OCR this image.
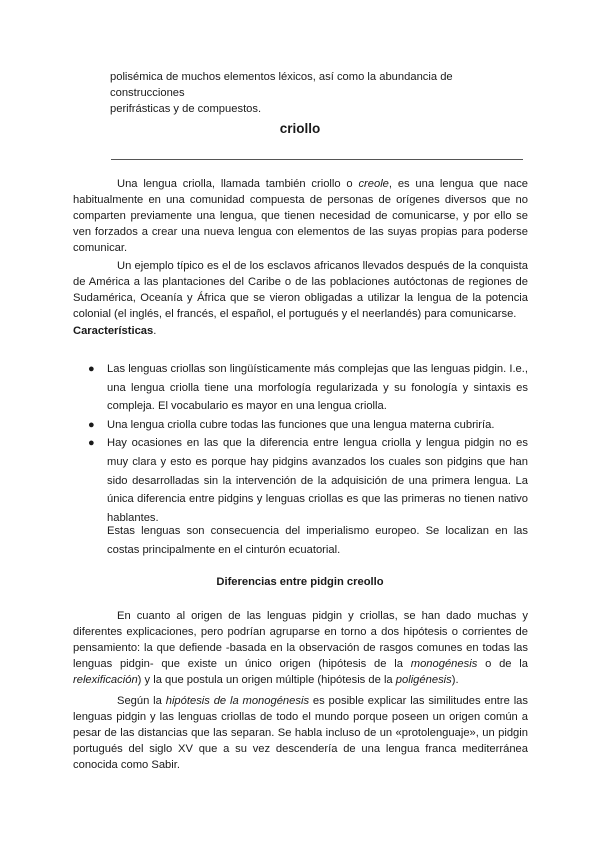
polisémica de muchos elementos léxicos, así como la abundancia de construcciones
perifrásticas y de compuestos.

criollo

Una lengua criolla, llamada también criollo o creole, es una lengua que nace habitualmente en una comunidad compuesta de personas de orígenes diversos que no comparten previamente una lengua, que tienen necesidad de comunicarse, y por ello se ven forzados a crear una nueva lengua con elementos de las suyas propias para poderse comunicar.

Un ejemplo típico es el de los esclavos africanos llevados después de la conquista de América a las plantaciones del Caribe o de las poblaciones autóctonas de regiones de Sudamérica, Oceanía y África que se vieron obligadas a utilizar la lengua de la potencia colonial (el inglés, el francés, el español, el portugués y el neerlandés) para comunicarse.

Características.
● Las lenguas criollas son lingüísticamente más complejas que las lenguas pidgin. I.e., una lengua criolla tiene una morfología regularizada y su fonología y sintaxis es compleja. El vocabulario es mayor en una lengua criolla.
● Una lengua criolla cubre todas las funciones que una lengua materna cubriría.
● Hay ocasiones en las que la diferencia entre lengua criolla y lengua pidgin no es muy clara y esto es porque hay pidgins avanzados los cuales son pidgins que han sido desarrolladas sin la intervención de la adquisición de una primera lengua. La única diferencia entre pidgins y lenguas criollas es que las primeras no tienen nativo hablantes.

Estas lenguas son consecuencia del imperialismo europeo. Se localizan en las costas principalmente en el cinturón ecuatorial.

Diferencias entre pidgin creollo

En cuanto al origen de las lenguas pidgin y criollas, se han dado muchas y diferentes explicaciones, pero podrían agruparse en torno a dos hipótesis o corrientes de pensamiento: la que defiende -basada en la observación de rasgos comunes en todas las lenguas pidgin- que existe un único origen (hipótesis de la monogénesis o de la relexificación) y la que postula un origen múltiple (hipótesis de la poligénesis).

Según la hipótesis de la monogénesis es posible explicar las similitudes entre las lenguas pidgin y las lenguas criollas de todo el mundo porque poseen un origen común a pesar de las distancias que las separan. Se habla incluso de un «protolenguaje», un pidgin portugués del siglo XV que a su vez descendería de una lengua franca mediterránea conocida como Sabir.
